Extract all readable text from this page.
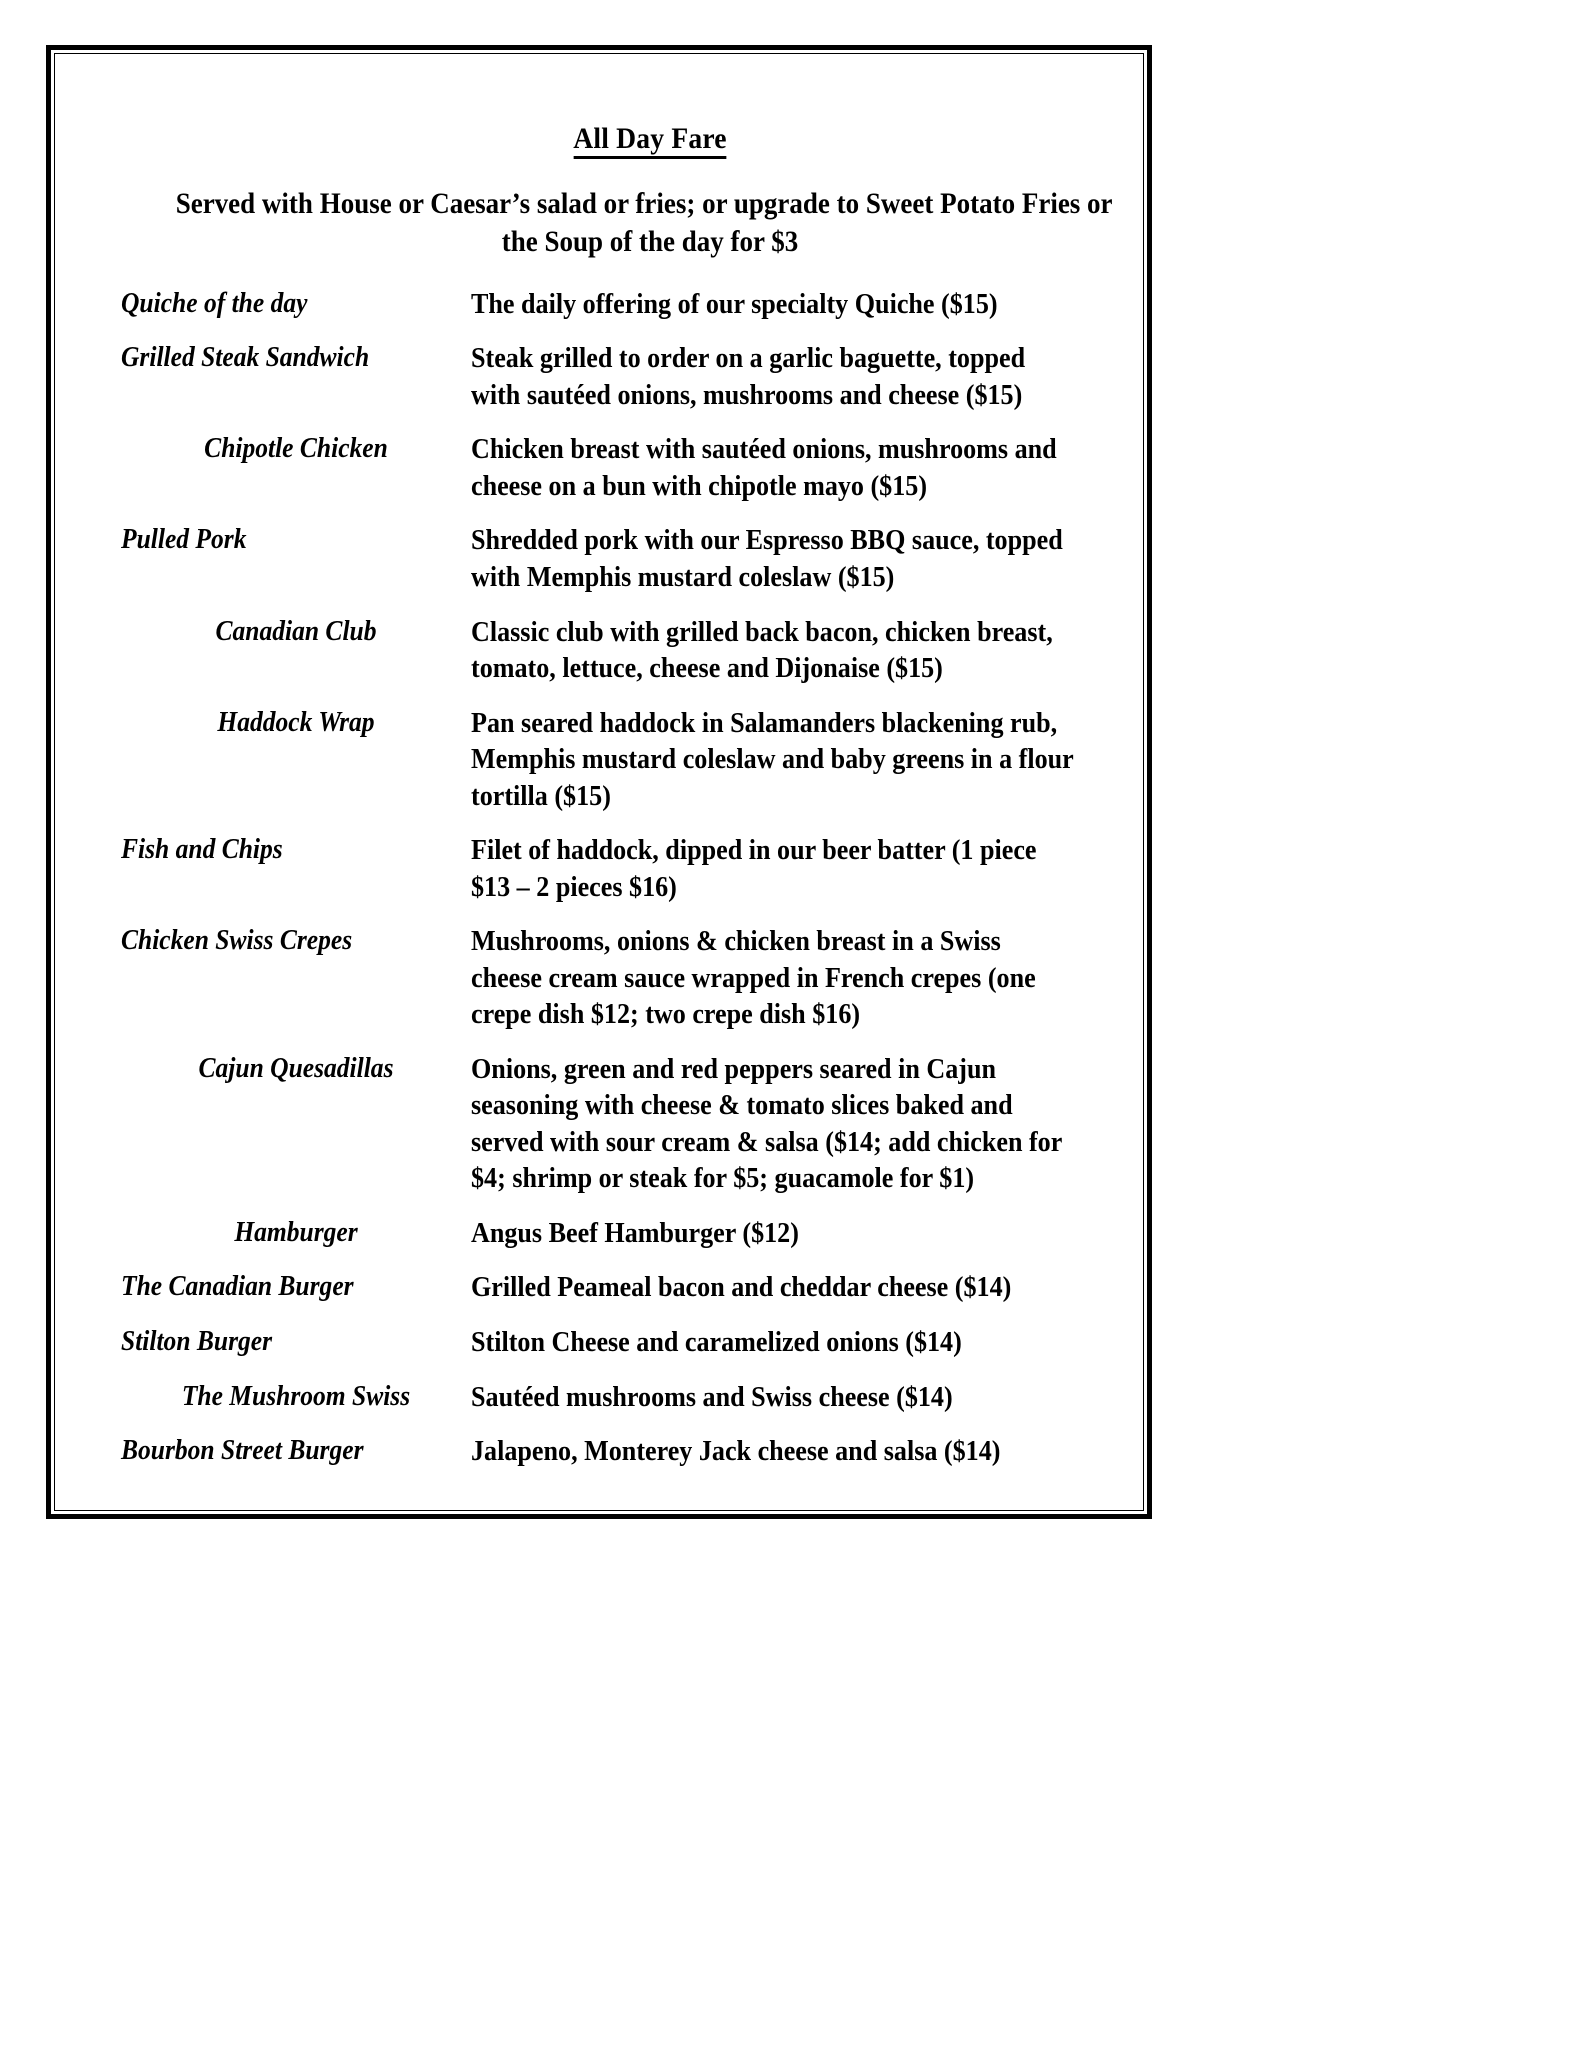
All Day Fare
Served with House or Caesar’s salad or fries; or upgrade to Sweet Potato Fries or
the Soup of the day for $3
Quiche of the day	The daily offering of our specialty Quiche ($15)
Grilled Steak Sandwich	Steak grilled to order on a garlic baguette, topped
with sautéed onions, mushrooms and cheese ($15)
Chipotle Chicken	Chicken breast with sautéed onions, mushrooms and
cheese on a bun with chipotle mayo ($15)
Pulled Pork	Shredded pork with our Espresso BBQ sauce, topped
with Memphis mustard coleslaw ($15)
Canadian Club	Classic club with grilled back bacon, chicken breast,
tomato, lettuce, cheese and Dijonaise ($15)
Haddock Wrap	Pan seared haddock in Salamanders blackening rub,
Memphis mustard coleslaw and baby greens in a flour
tortilla ($15)
Fish and Chips	Filet of haddock, dipped in our beer batter (1 piece
$13 – 2 pieces $16)
Chicken Swiss Crepes	Mushrooms, onions & chicken breast in a Swiss
cheese cream sauce wrapped in French crepes (one
crepe dish $12; two crepe dish $16)
Cajun Quesadillas	Onions, green and red peppers seared in Cajun
seasoning with cheese & tomato slices baked and
served with sour cream & salsa ($14; add chicken for
$4; shrimp or steak for $5; guacamole for $1)
Hamburger	Angus Beef Hamburger ($12)
The Canadian Burger	Grilled Peameal bacon and cheddar cheese ($14)
Stilton Burger	Stilton Cheese and caramelized onions ($14)
The Mushroom Swiss	Sautéed mushrooms and Swiss cheese ($14)
Bourbon Street Burger	Jalapeno, Monterey Jack cheese and salsa ($14)
